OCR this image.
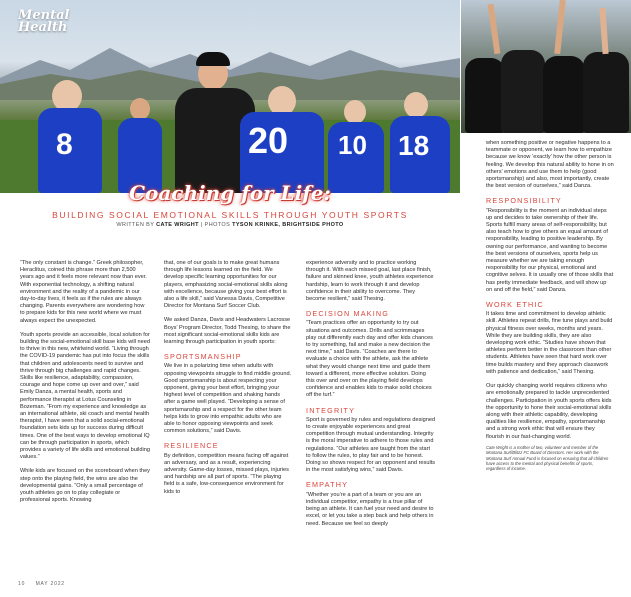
8	20 10 18
Mental Health
Coaching for Life:
BUILDING SOCIAL EMOTIONAL SKILLS THROUGH YOUTH SPORTS
WRITTEN BY CATE WRIGHT | PHOTOS TYSON KRINKE, BRIGHTSIDE PHOTO

“The only constant is change.” Greek philosopher, Heraclitus, coined this phrase more than 2,500 years ago and it feels more relevant now than ever. With exponential technology, a shifting natural environment and the reality of a pandemic in our day-to-day lives, it feels as if the rules are always changing. Parents everywhere are wondering how to prepare kids for this new world where we must always expect the unexpected.

Youth sports provide an accessible, local solution for building the social-emotional skill base kids will need to thrive in this new, whirlwind world. “Living through the COVID-19 pandemic has put into focus the skills that children and adolescents need to survive and thrive through big challenges and rapid changes. Skills like resilience, adaptability, compassion, courage and hope come up over and over,” said Emily Danza, a mental health, sports and performance therapist at Lotus Counseling in Bozeman. “From my experience and knowledge as an international athlete, ski coach and mental health therapist, I have seen that a solid social-emotional foundation sets kids up for success during difficult times. One of the best ways to develop emotional IQ can be through participation in sports, which provides a variety of life skills and emotional building values.”

While kids are focused on the scoreboard when they step onto the playing field, the wins are also the developmental gains. “Only a small percentage of youth athletes go on to play collegiate or professional sports. Knowing

that, one of our goals is to make great humans through life lessons learned on the field. We develop specific learning opportunities for our players, emphasizing social-emotional skills along with excellence, because giving your best effort is also a life skill,” said Vanessa Davis, Competitive Director for Montana Surf Soccer Club.

We asked Danza, Davis and Headwaters Lacrosse Boys’ Program Director, Todd Thesing, to share the most significant social-emotional skills kids are learning through participation in youth sports:

SPORTSMANSHIP

We live in a polarizing time when adults with opposing viewpoints struggle to find middle ground. Good sportsmanship is about respecting your opponent, giving your best effort, bringing your highest level of competition and shaking hands after a game well played. “Developing a sense of sportsmanship and a respect for the other team helps kids to grow into empathic adults who are able to honor opposing viewpoints and seek common solutions,” said Davis.

RESILIENCE

By definition, competition means facing off against an adversary, and as a result, experiencing adversity. Game-day losses, missed plays, injuries and hardship are all part of sports. “The playing field is a safe, low-consequence environment for kids to

experience adversity and to practice working through it. With each missed goal, last place finish, failure and skinned knee, youth athletes experience hardship, learn to work through it and develop confidence in their ability to overcome. They become resilient,” said Thesing.

DECISION MAKING

“Team practices offer an opportunity to try out situations and outcomes. Drills and scrimmages play out differently each day and offer kids chances to try something, fail and make a new decision the next time,” said Davis. “Coaches are there to evaluate a choice with the athlete, ask the athlete what they would change next time and guide them toward a different, more effective solution. Doing this over and over on the playing field develops confidence and enables kids to make solid choices off the turf.”

INTEGRITY

Sport is governed by rules and regulations designed to create enjoyable experiences and great competition through mutual understanding. Integrity is the moral imperative to adhere to those rules and regulations. “Our athletes are taught from the start to follow the rules, to play fair and to be honest. Doing so shows respect for an opponent and results in the most satisfying wins,” said Davis.

EMPATHY

“Whether you’re a part of a team or you are an individual competitor, empathy is a true pillar of being an athlete. It can fuel your need and desire to excel, or let you take a step back and help others in need. Because we feel so deeply

when something positive or negative happens to a teammate or opponent, we learn how to empathize because we know ‘exactly’ how the other person is feeling. We develop this natural ability to hone in on others’ emotions and use them to help (good sportsmanship) and also, most importantly, create the best version of ourselves,” said Danza.

RESPONSIBILITY

“Responsibility is the moment an individual steps up and decides to take ownership of their life. Sports fulfill many areas of self-responsibility, but also teach how to give others an equal amount of responsibility, leading to positive leadership. By owning our performance, and wanting to become the best versions of ourselves, sports help us measure whether we are taking enough responsibility for our physical, emotional and cognitive selves. It is usually one of those skills that has pretty immediate feedback, and will show up on and off the field,” said Danza.

WORK ETHIC

It takes time and commitment to develop athletic skill. Athletes repeat drills, fine tune plays and build physical fitness over weeks, months and years. While they are building skills, they are also developing work ethic. “Studies have shown that athletes perform better in the classroom than other students. Athletes have seen that hard work over time builds mastery and they approach classwork with patience and dedication,” said Thesing.

Our quickly changing world requires citizens who are emotionally prepared to tackle unprecedented challenges. Participation in youth sports offers kids the opportunity to hone their social-emotional skills along with their athletic capability, developing qualities like resilience, empathy, sportsmanship and a strong work ethic that will ensure they flourish in our fast-changing world.

Cate Wright is a mother of two, volunteer and member of the Montana Surf/Blitzz FC Board of Directors. Her work with the Montana Surf Annual Fund is focused on ensuring that all children have access to the mental and physical benefits of sports, regardless of income.
10 MAY 2022
